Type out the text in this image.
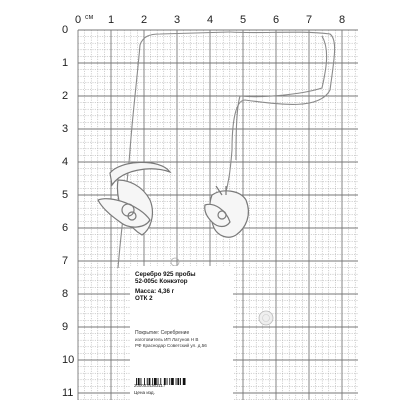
см
0 1 2 3 4 5 6 7 8
0
1
2
3
4
5
6
7
8
9
10
11
Серебро 925 пробы
52-005с Конкэтор
Масса: 4,36 г
ОТК 2
Покрытие: Серебрение
изготовитель ИП Латунов Н В
РФ Краснодар Советский ул. д.56
2000034363117
Цена изд.
